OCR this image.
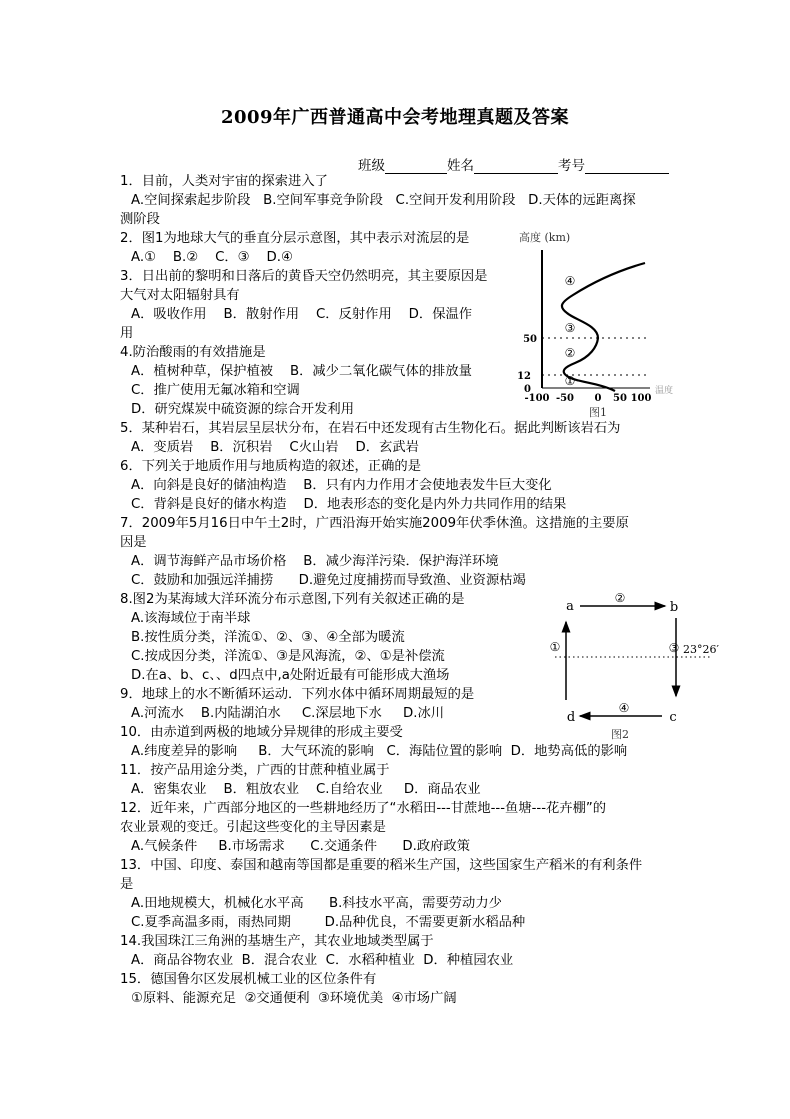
2009年广西普通高中会考地理真题及答案
班级	姓名	考号
1．目前，人类对宇宙的探索进入了
A.空间探索起步阶段   B.空间军事竞争阶段   C.空间开发利用阶段   D.天体的远距离探
测阶段
2．图1为地球大气的垂直分层示意图，其中表示对流层的是
A.①    B.②    C．③    D.④
3．日出前的黎明和日落后的黄昏天空仍然明亮，其主要原因是
大气对太阳辐射具有
A．吸收作用    B．散射作用    C．反射作用    D．保温作
用
4.防治酸雨的有效措施是
A．植树种草，保护植被    B．减少二氧化碳气体的排放量
C．推广使用无氟冰箱和空调
D．研究煤炭中硫资源的综合开发利用
5．某种岩石，其岩层呈层状分布，在岩石中还发现有古生物化石。据此判断该岩石为
A．变质岩    B．沉积岩    C火山岩    D．玄武岩
6．下列关于地质作用与地质构造的叙述，正确的是
A．向斜是良好的储油构造    B．只有内力作用才会使地表发牛巨大变化
C．背斜是良好的储水构造    D．地表形态的变化是内外力共同作用的结果
7．2009年5月16日中午土2时，广西沿海开始实施2009年伏季休渔。这措施的主要原
因是
A．调节海鲜产品市场价格    B．减少海洋污染．保护海洋环境
C．鼓励和加强远洋捕捞      D.避免过度捕捞而导致渔、业资源枯竭
8.图2为某海域大洋环流分布示意图,下列有关叙述正确的是
A.该海域位于南半球
B.按性质分类，洋流①、②、③、④全部为暖流
C.按成因分类，洋流①、③是风海流，②、①是补偿流
D.在a、b、c、、d四点中,a处附近最有可能形成大渔场
9．地球上的水不断循环运动．下列水体中循环周期最短的是
A.河流水    B.内陆湖泊水     C.深层地下水     D.冰川
10．由赤道到两极的地域分异规律的形成主要受
A.纬度差异的影响     B．大气环流的影响   C．海陆位置的影响  D．地势高低的影响
11．按产品用途分类，广西的甘蔗种植业属于
A．密集农业    B．粗放农业    C.自给农业     D．商品农业
12．近年来，广西部分地区的一些耕地经历了“水稻田---甘蔗地---鱼塘---花卉棚”的
农业景观的变迁。引起这些变化的主导因素是
A.气候条件     B.市场需求      C.交通条件      D.政府政策
13．中国、印度、泰国和越南等国都是重要的稻米生产国，这些国家生产稻米的有利条件
是
A.田地规模大，机械化水平高      B.科技水平高，需要劳动力少
C.夏季高温多雨，雨热同期        D.品种优良，不需要更新水稻品种
14.我国珠江三角洲的基塘生产，其农业地域类型属于
A．商品谷物农业  B．混合农业  C．水稻种植业  D．种植园农业
15．德国鲁尔区发展机械工业的区位条件有
①原料、能源充足  ②交通便利  ③环境优美  ④市场广阔
高度 (km)
0
12
50
-100 -50 0 50 100
温度
④
③
②
①
图1
a
②
b
①	③ 23°26′
④
d	c
图2
